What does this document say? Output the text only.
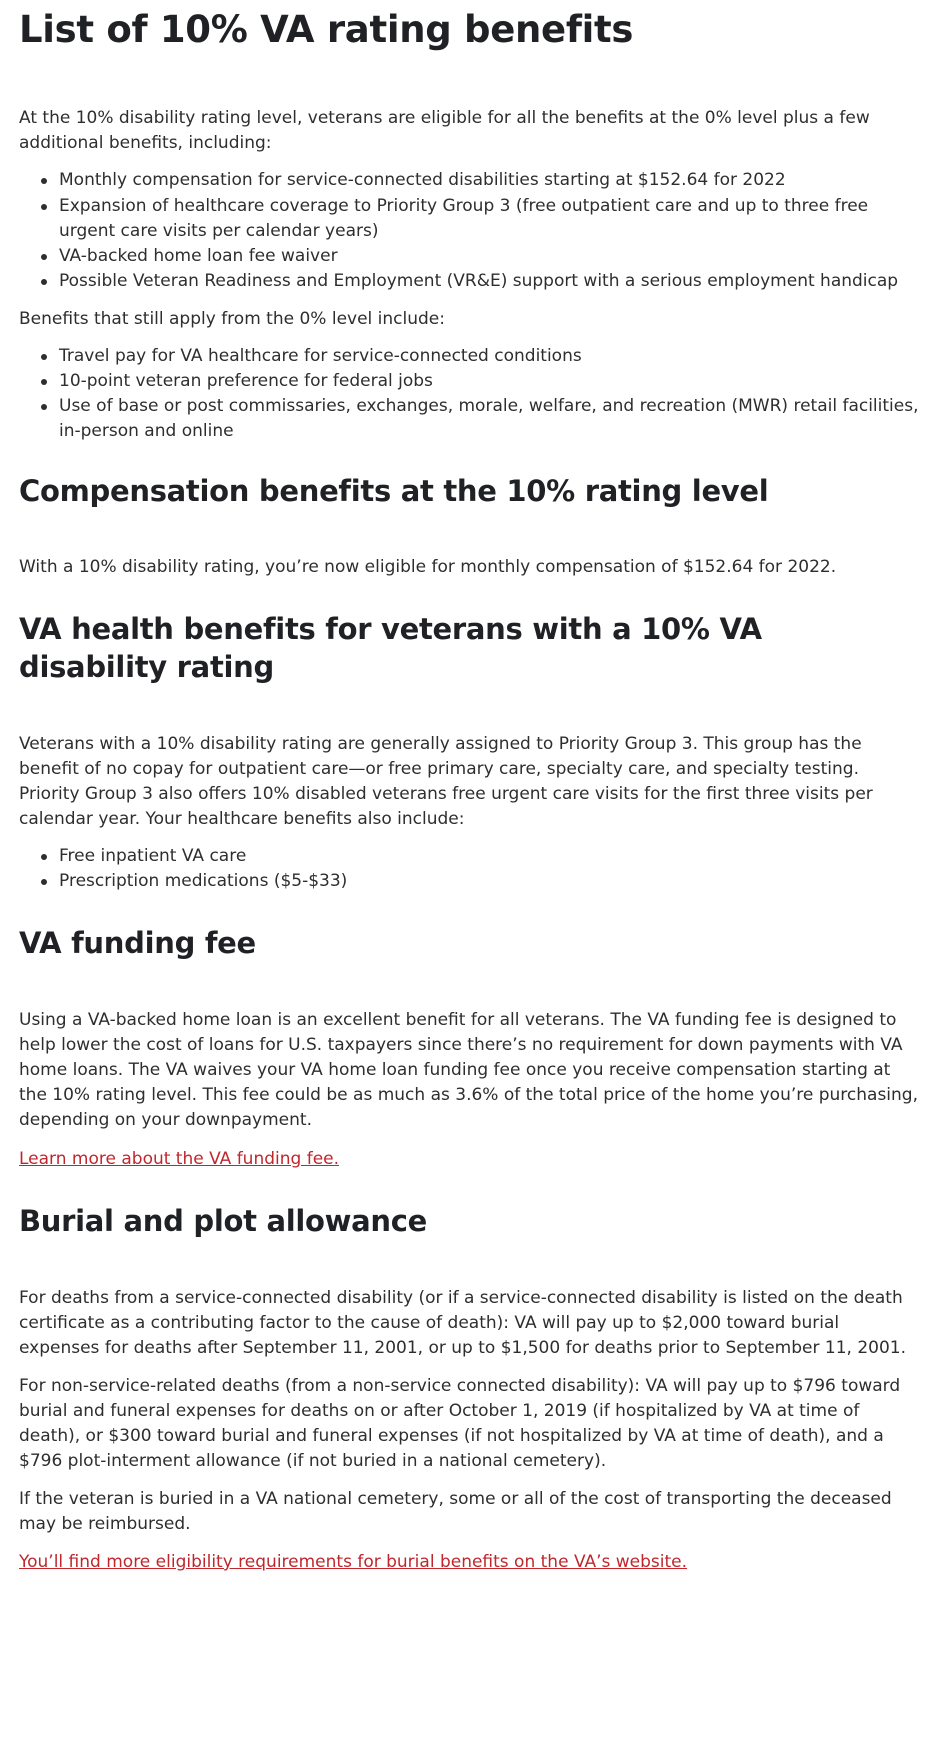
List of 10% VA rating benefits

At the 10% disability rating level, veterans are eligible for all the benefits at the 0% level plus a few additional benefits, including:

Monthly compensation for service-connected disabilities starting at $152.64 for 2022
Expansion of healthcare coverage to Priority Group 3 (free outpatient care and up to three free urgent care visits per calendar years)
VA-backed home loan fee waiver
Possible Veteran Readiness and Employment (VR&E) support with a serious employment handicap

Benefits that still apply from the 0% level include:

Travel pay for VA healthcare for service-connected conditions
10-point veteran preference for federal jobs
Use of base or post commissaries, exchanges, morale, welfare, and recreation (MWR) retail facilities, in-person and online
Compensation benefits at the 10% rating level

With a 10% disability rating, you’re now eligible for monthly compensation of $152.64 for 2022.

VA health benefits for veterans with a 10% VA disability rating

Veterans with a 10% disability rating are generally assigned to Priority Group 3. This group has the benefit of no copay for outpatient care—or free primary care, specialty care, and specialty testing. Priority Group 3 also offers 10% disabled veterans free urgent care visits for the first three visits per calendar year. Your healthcare benefits also include:

Free inpatient VA care
Prescription medications ($5-$33)
VA funding fee

Using a VA-backed home loan is an excellent benefit for all veterans. The VA funding fee is designed to help lower the cost of loans for U.S. taxpayers since there’s no requirement for down payments with VA home loans. The VA waives your VA home loan funding fee once you receive compensation starting at the 10% rating level. This fee could be as much as 3.6% of the total price of the home you’re purchasing, depending on your downpayment.

Learn more about the VA funding fee.

Burial and plot allowance

For deaths from a service-connected disability (or if a service-connected disability is listed on the death certificate as a contributing factor to the cause of death): VA will pay up to $2,000 toward burial expenses for deaths after September 11, 2001, or up to $1,500 for deaths prior to September 11, 2001.

For non-service-related deaths (from a non-service connected disability): VA will pay up to $796 toward burial and funeral expenses for deaths on or after October 1, 2019 (if hospitalized by VA at time of death), or $300 toward burial and funeral expenses (if not hospitalized by VA at time of death), and a $796 plot-interment allowance (if not buried in a national cemetery).

If the veteran is buried in a VA national cemetery, some or all of the cost of transporting the deceased may be reimbursed.

You’ll find more eligibility requirements for burial benefits on the VA’s website.
